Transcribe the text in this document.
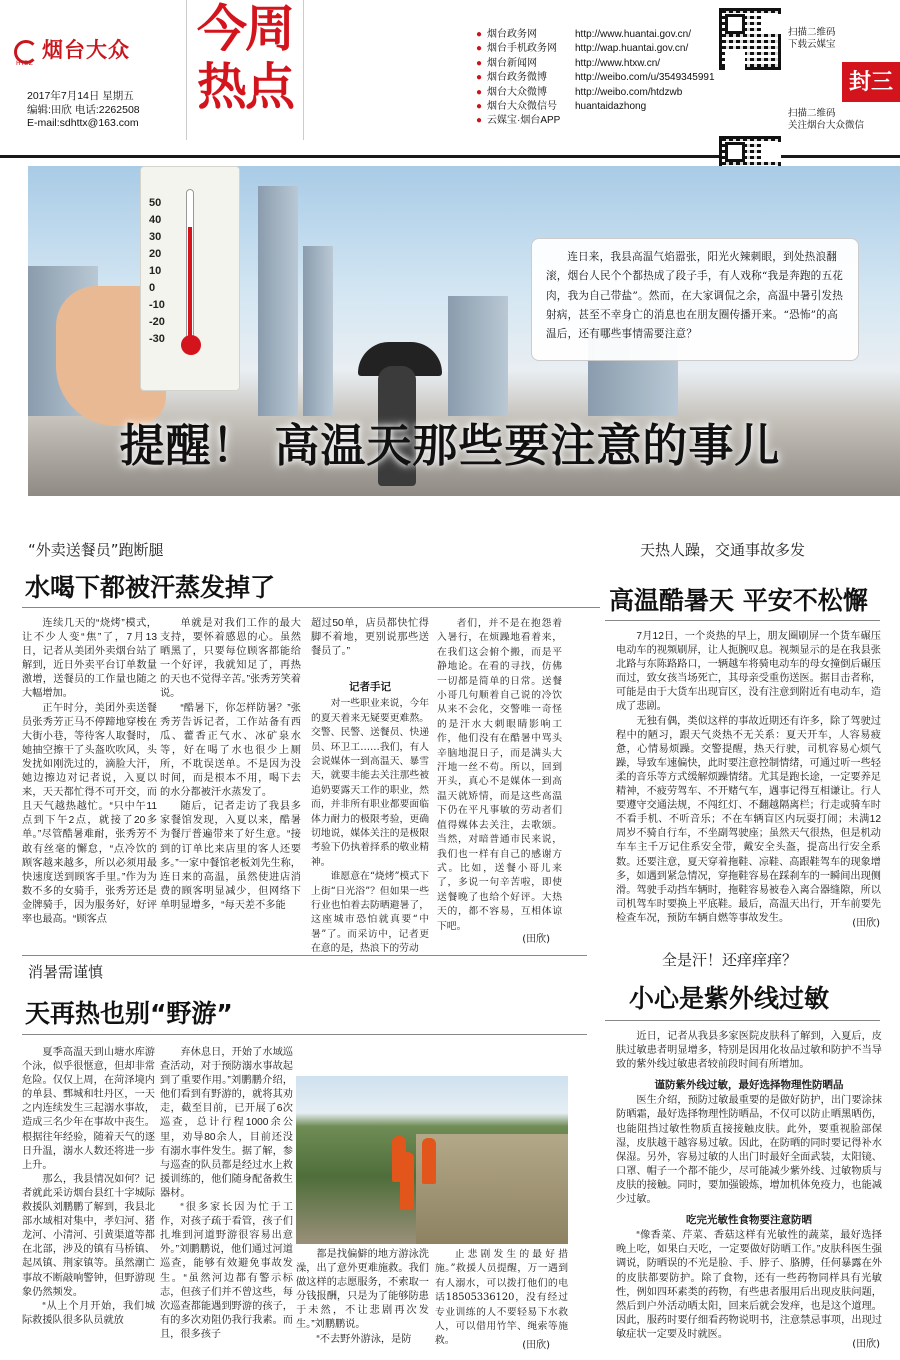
烟台大众
HTDZ
2017年7月14日 星期五
编辑:田欣 电话:2262508
E-mail:sdhttx@163.com
今周
热点
● 烟台政务网	http://www.huantai.gov.cn/
● 烟台手机政务网	http://wap.huantai.gov.cn/
● 烟台新闻网	http://www.htxw.cn/
● 烟台政务微博	http://weibo.com/u/3549345991
● 烟台大众微博	http://weibo.com/htdzwb
● 烟台大众微信号	huantaidazhong
● 云媒宝·烟台APP
扫描二维码
下载云媒宝
扫描二维码
关注烟台大众微信
封三
50
40
30
20
10
0
-10
-20
-30
连日来，我县高温气焰嚣张，阳光火辣刺眼，到处热浪翻滚，烟台人民个个都热成了段子手，有人戏称“我是奔跑的五花肉，我为自己带盐”。然而，在大家调侃之余，高温中暑引发热射病，甚至不幸身亡的消息也在朋友圈传播开来。“恐怖”的高温后，还有哪些事情需要注意？
提醒！ 高温天那些要注意的事儿
“外卖送餐员”跑断腿
水喝下都被汗蒸发掉了

连续几天的“烧烤”模式，让不少人变“焦”了，7月13日，记者从美团外卖烟台站了解到，近日外卖平台订单数量激增，送餐员的工作量也随之大幅增加。

正午时分，美团外卖送餐员张秀芳正马不停蹄地穿梭在大街小巷，等待客人取餐时，她抽空擦干了头盔吹吹风，头发扰如刚洗过的，滴脸大汗，她边擦边对记者说，入夏以来，天天都忙得不可开交，而且天气越热越忙。“只中午11点到下午2点，就接了20多单。”尽管酷暑难耐，张秀芳不敢有丝毫的懈怠，“点冷饮的顾客越来越多，所以必须用最快速度送到顾客手里。”作为为数不多的女骑手，张秀芳还是金牌骑手，因为服务好，好评率也最高。“顾客点

单就是对我们工作的最大支持，要怀着感恩的心。虽然晒黑了，只要每位顾客都能给一个好评，我就知足了，再热的天也不觉得辛苦。”张秀芳笑着说。

“酷暑下，你怎样防暑？”张秀芳告诉记者，工作站备有西瓜、藿香正气水、冰矿泉水等，好在喝了水也很少上厕所，不耽误送单。不是因为没时间，而是根本不用，喝下去的水分都被汗水蒸发了。

随后，记者走访了我县多家餐馆发现，入夏以来，酷暑为餐厅普遍带来了好生意。“接到的订单比来店里的客人还要多。”一家中餐馆老板刘先生称，连日来的高温，虽然使进店消费的顾客明显减少，但网络下单明显增多，“每天差不多能

超过50单，店员都快忙得脚不着地，更别说那些送餐员了。”
记者手记

对一些职业来说，今年的夏天着来无疑要更难熬。交警、民警、送餐员、快递员、环卫工……我们，有人会说媒体一到高温天、暴雪天，就要丰能去关注那些被追奶要露天工作的职业，然而，并非所有职业都要面临体力耐力的极限考验，更确切地说，媒体关注的是极限考验下仍执着择系的敬业精神。

谁愿意在“烧烤”模式下上街“日光浴”？但如果一些行业也怕着去防晒避暑了，这座城市恐怕就真要“中暑”了。而采访中，记者更在意的是，热浪下的劳动

者们，并不是在抱怨着入暑行，在烦躁地看着来，在我们这会俯个搬，而是平静地论。在看的寻找，仿佛一切都是简单的日常。送餐小哥几句顺着自己说的冷饮从来不会化，交警唯一奇怪的是汗水大刺眼睛影响工作，他们没有在酷暑中骂头辛脑地混日子，而是满头大汗地一丝不苟。所以，回到开头，真心不是媒体一到高温天就矫情，而是这些高温下仍在平凡事敏的劳动者们值得媒体去关注，去歌颂。当然，对暗普通市民来说，我们也一样有自己的感谢方式。比如，送餐小哥儿来了，多说一句辛苦啦，即使送餐晚了也给个好评。大热天的，都不容易，互相体谅下吧。

(田欣)
天热人躁，交通事故多发
高温酷暑天 平安不松懈

7月12日，一个炎热的早上，朋友圈刷屏一个货车碾压电动车的视频刷屏，让人扼腕叹息。视频显示的是在我县张北路与东陈路路口，一辆越车将骑电动车的母女撞倒后碾压而过，致女孩当场死亡，其母亲受重伤送医。据目击者称，可能是由于大货车出现盲区，没有注意到附近有电动车，造成了悲剧。

无独有偶，类似这样的事故近期还有许多，除了驾驶过程中的陋习，跟天气炎热不无关系：夏天开车，人容易疲惫，心情易烦躁。交警提醒，热天行驶，司机容易心烦气躁，导致车速偏快，此时要注意控制情绪，可通过听一些轻柔的音乐等方式缓解烦躁情绪。尤其是跑长途，一定要养足精神，不疲劳驾车、不开赌气车，遇事记得互相谦让。行人要遵守交通法规，不闯红灯、不翻越隔离栏；行走或骑车时不看手机、不听音乐；不在车辆盲区内玩耍打闹；未满12周岁不骑自行车，不坐副驾驶座；虽然天气很热，但是机动车车主千万记住系安全带，戴安全头盔，提高出行安全系数。还要注意，夏天穿着拖鞋、凉鞋、高跟鞋驾车的现象增多，如遇到紧急情况，穿拖鞋容易在踩刹车的一瞬间出现侧滑。驾驶手动挡车辆时，拖鞋容易被卷入离合器缝隙，所以司机驾车时要换上平底鞋。最后，高温天出行，开车前要先检查车况，预防车辆自燃等事故发生。	(田欣)
消暑需谨慎
天再热也别“野游”

夏季高温天到山塘水库游个泳，似乎很惬意，但却非常危险。仅仅上周，在菏泽境内的单县、鄄城和牡丹区，一天之内连续发生三起溺水事故，造成三名少年在事故中丧生。根据往年经验，随着天气的逐日升温，溺水人数还将进一步上升。

那么，我县情况如何？记者就此采访烟台县红十字城际救援队刘鹏鹏了解到，我县北部水域相对集中，孝妇河、猪龙河、小清河、引黄渠道等都在北部，涉及的镇有马桥镇、起凤镇、荆家镇等。虽然潮亡事故不断敲响警钟，但野游现象仍然频发。

“从上个月开始，我们城际救援队很多队员就放

弃休息日，开始了水域巡查活动，对于预防溺水事故起到了重要作用。”刘鹏鹏介绍，他们看到有野游的，就将其劝走，截至目前，已开展了6次巡查，总计行程1000余公里，劝导80余人，目前还没有溺水事件发生。据了解，参与巡查的队员都是经过水上救援训练的，他们随身配备救生器材。

“很多家长因为忙于工作，对孩子疏于看管，孩子们扎堆到河道野游很容易出意外。”刘鹏鹏说，他们通过河道巡查，能够有效避免事故发生。“虽然河边都有警示标志，但孩子们并不曾这些，每次巡查都能遇到野游的孩子，有的多次劝阻仍我行我素。而且，很多孩子

都是找偏僻的地方游泳洗澡，出了意外更难施救。我们做这样的志愿服务，不索取一分钱报酬，只是为了能够防患于未然，不让悲剧再次发生。”刘鹏鹏说。

“不去野外游泳，是防

止悲剧发生的最好措施。”救援人员提醒，万一遇到有人溺水，可以拨打他们的电话18505336120，没有经过专业训练的人不要轻易下水救人，可以借用竹竿、绳索等施救。	(田欣)
全是汗！还痒痒痒？
小心是紫外线过敏

近日，记者从我县多家医院皮肤科了解到，入夏后，皮肤过敏患者明显增多，特别是因用化妆品过敏和防护不当导致的紫外线过敏患者较前段时间有所增加。

谨防紫外线过敏，最好选择物理性防晒品

医生介绍，预防过敏最重要的是做好防护，出门要涂抹防晒霜，最好选择物理性防晒品，不仅可以防止晒黑晒伤，也能阻挡过敏性物质直接接触皮肤。此外，要重视脸部保湿，皮肤越干越容易过敏。因此，在防晒的同时要记得补水保湿。另外，容易过敏的人出门时最好全面武装，太阳镜、口罩、帽子一个都不能少，尽可能减少紫外线、过敏物质与皮肤的接触。同时，要加强锻炼，增加机体免疫力，也能减少过敏。

吃完光敏性食物要注意防晒

“像香菜、芹菜、香菇这样有光敏性的蔬菜，最好选择晚上吃，如果白天吃，一定要做好防晒工作。”皮肤科医生强调说，防晒误的不光是脸、手、脖子、胳膊，任何暴露在外的皮肤都要防护。除了食物，还有一些药物同样具有光敏性，例如四环素类的药物，有些患者服用后出现皮肤问题，然后到户外活动晒太阳，回来后就会发痒，也是这个道理。因此，服药时要仔细看药物说明书，注意禁忌事项，出现过敏症状一定要及时就医。

(田欣)
